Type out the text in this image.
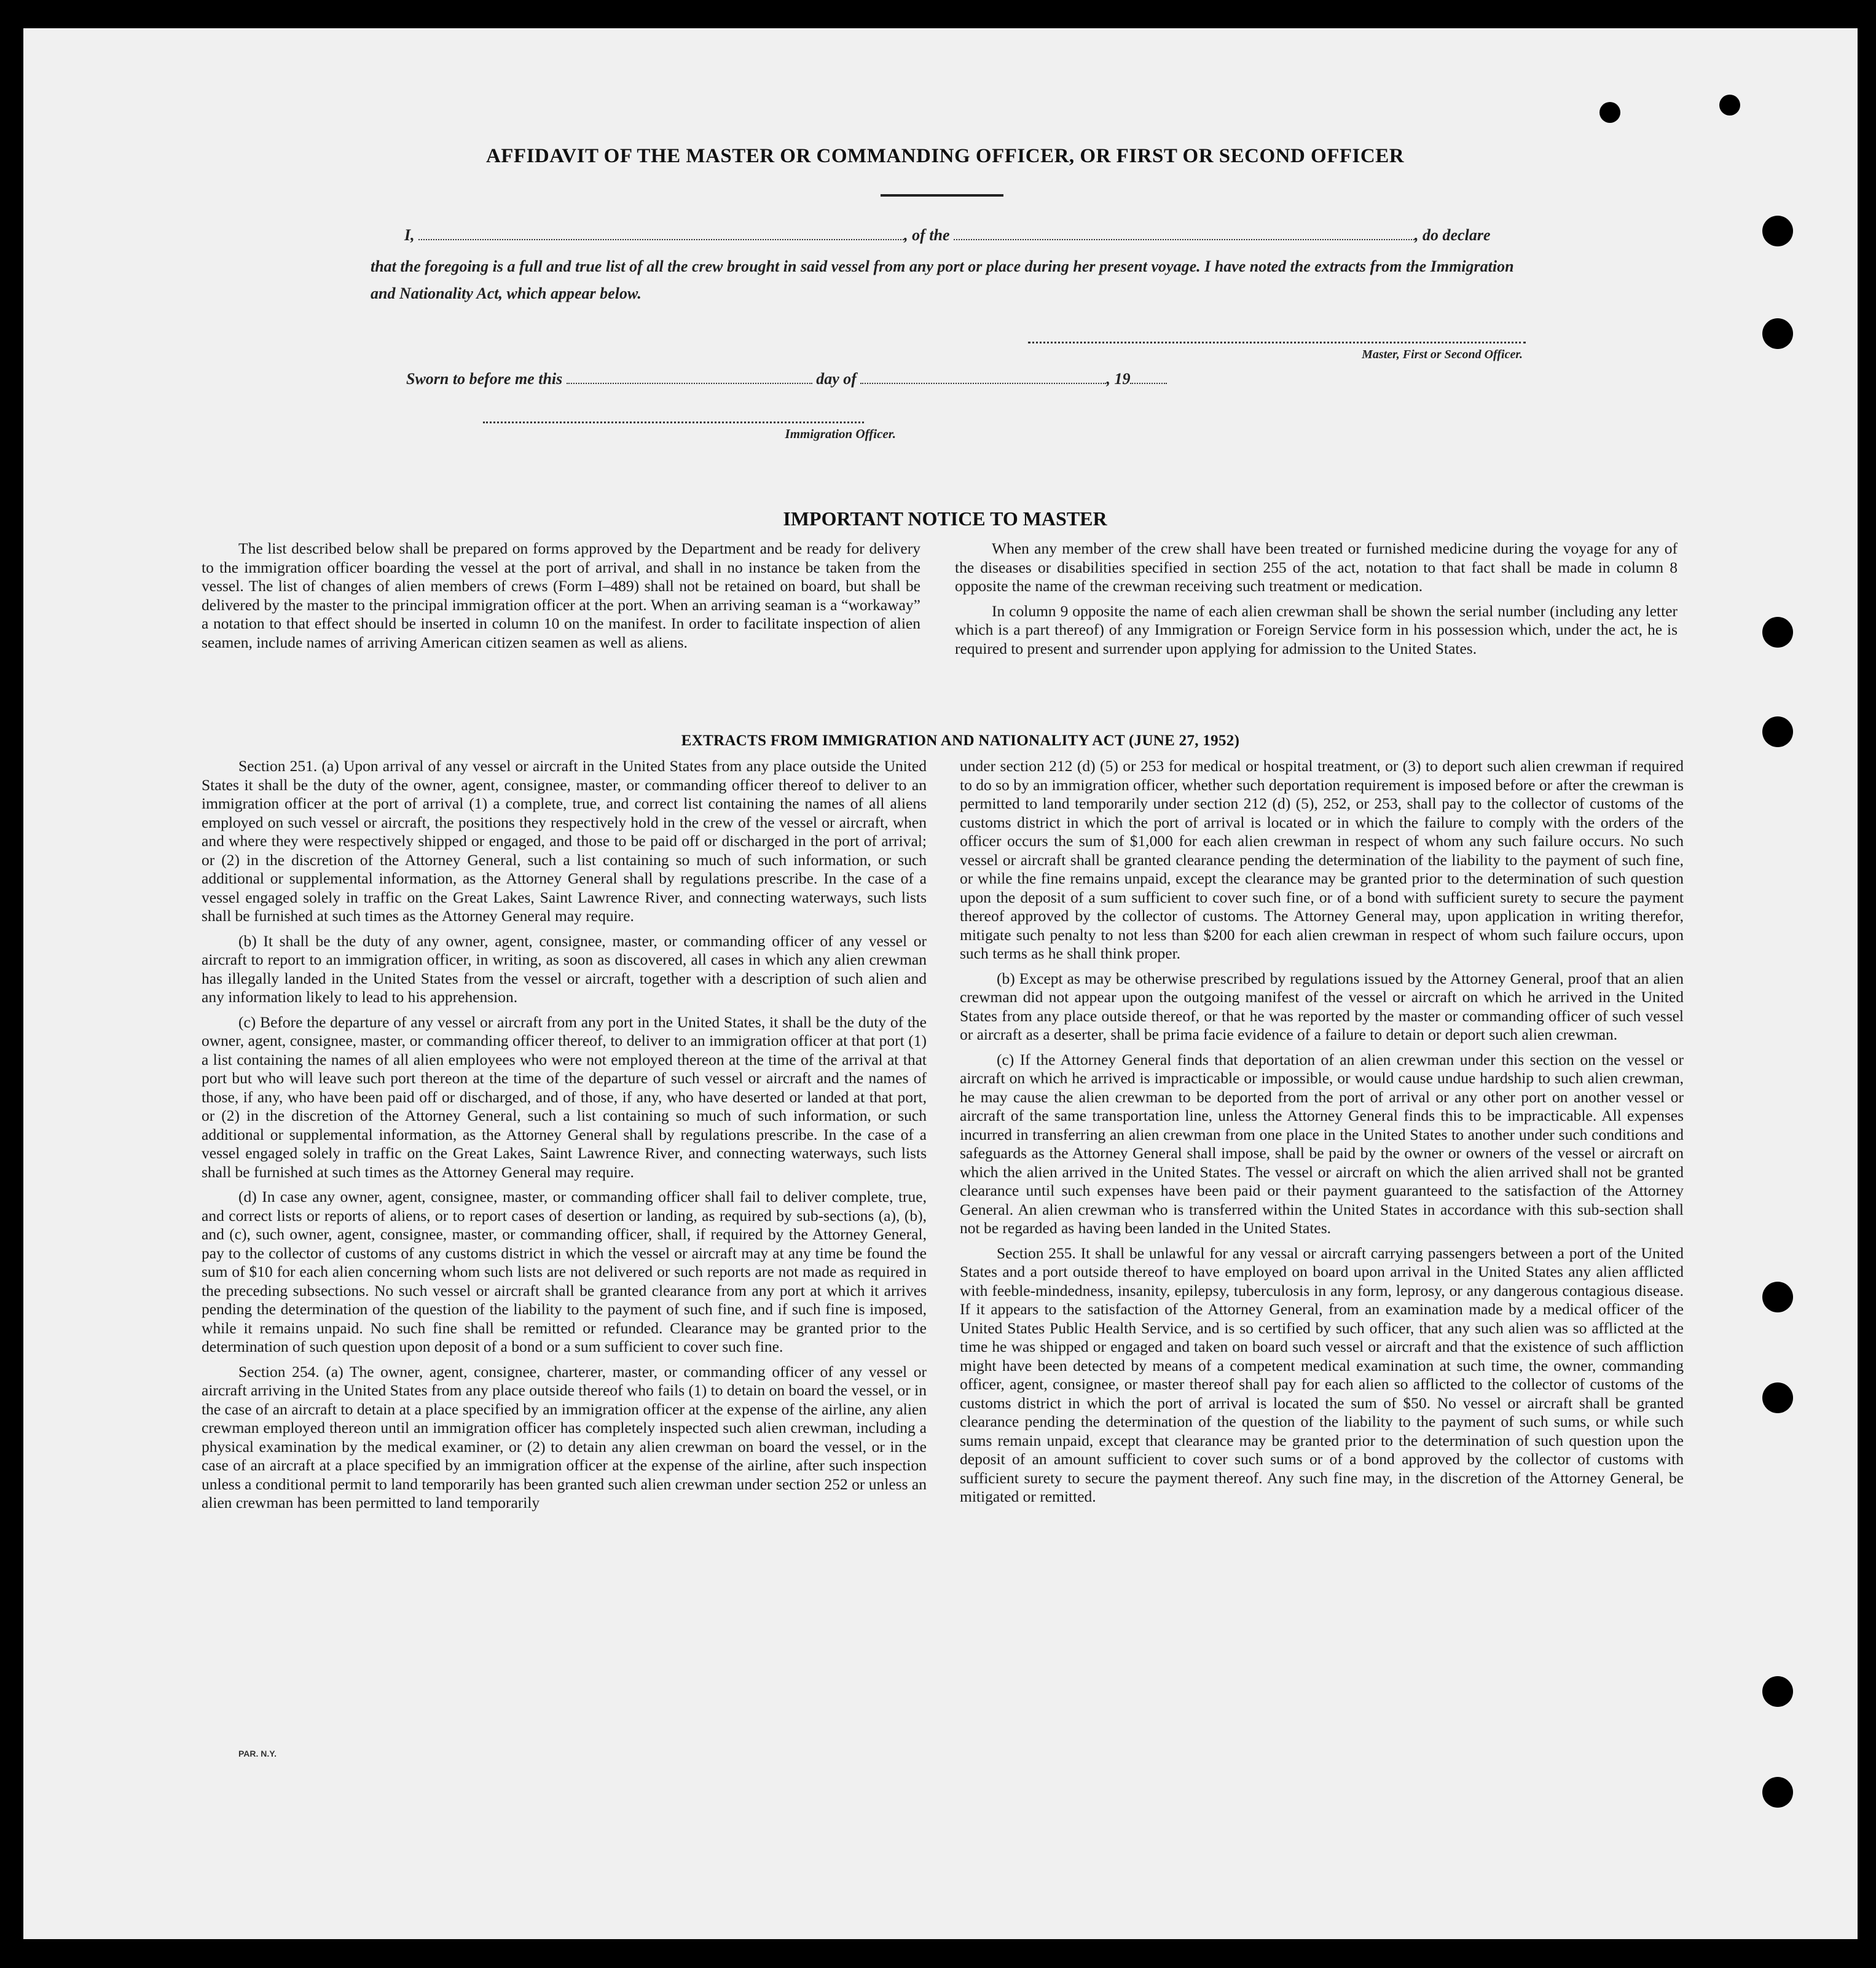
AFFIDAVIT OF THE MASTER OR COMMANDING OFFICER, OR FIRST OR SECOND OFFICER
I,	, of the	, do declare
that the foregoing is a full and true list of all the crew brought in said vessel from any port or place during her present voyage. I have noted the extracts from the Immigration and Nationality Act, which appear below.
Master, First or Second Officer.
Sworn to before me this	day of	, 19
Immigration Officer.
IMPORTANT NOTICE TO MASTER

The list described below shall be prepared on forms approved by the Department and be ready for delivery to the immigration officer boarding the vessel at the port of arrival, and shall in no instance be taken from the vessel. The list of changes of alien members of crews (Form I–489) shall not be retained on board, but shall be delivered by the master to the principal immigration officer at the port. When an arriving seaman is a “workaway” a notation to that effect should be inserted in column 10 on the manifest. In order to facilitate inspection of alien seamen, include names of arriving American citizen seamen as well as aliens.

When any member of the crew shall have been treated or furnished medicine during the voyage for any of the diseases or disabilities specified in section 255 of the act, notation to that fact shall be made in column 8 opposite the name of the crewman receiving such treatment or medication.

In column 9 opposite the name of each alien crewman shall be shown the serial number (including any letter which is a part thereof) of any Immigration or Foreign Service form in his possession which, under the act, he is required to present and surrender upon applying for admission to the United States.

EXTRACTS FROM IMMIGRATION AND NATIONALITY ACT (JUNE 27, 1952)

Section 251. (a) Upon arrival of any vessel or aircraft in the United States from any place outside the United States it shall be the duty of the owner, agent, consignee, master, or commanding officer thereof to deliver to an immigration officer at the port of arrival (1) a complete, true, and correct list containing the names of all aliens employed on such vessel or aircraft, the positions they respectively hold in the crew of the vessel or aircraft, when and where they were respectively shipped or engaged, and those to be paid off or discharged in the port of arrival; or (2) in the discretion of the Attorney General, such a list containing so much of such information, or such additional or supplemental information, as the Attorney General shall by regulations prescribe. In the case of a vessel engaged solely in traffic on the Great Lakes, Saint Lawrence River, and connecting waterways, such lists shall be furnished at such times as the Attorney General may require.

(b) It shall be the duty of any owner, agent, consignee, master, or commanding officer of any vessel or aircraft to report to an immigration officer, in writing, as soon as discovered, all cases in which any alien crewman has illegally landed in the United States from the vessel or aircraft, together with a description of such alien and any information likely to lead to his apprehension.

(c) Before the departure of any vessel or aircraft from any port in the United States, it shall be the duty of the owner, agent, consignee, master, or commanding officer thereof, to deliver to an immigration officer at that port (1) a list containing the names of all alien employees who were not employed thereon at the time of the arrival at that port but who will leave such port thereon at the time of the departure of such vessel or aircraft and the names of those, if any, who have been paid off or discharged, and of those, if any, who have deserted or landed at that port, or (2) in the discretion of the Attorney General, such a list containing so much of such information, or such additional or supplemental information, as the Attorney General shall by regulations prescribe. In the case of a vessel engaged solely in traffic on the Great Lakes, Saint Lawrence River, and connecting waterways, such lists shall be furnished at such times as the Attorney General may require.

(d) In case any owner, agent, consignee, master, or commanding officer shall fail to deliver complete, true, and correct lists or reports of aliens, or to report cases of desertion or landing, as required by sub-sections (a), (b), and (c), such owner, agent, consignee, master, or commanding officer, shall, if required by the Attorney General, pay to the collector of customs of any customs district in which the vessel or aircraft may at any time be found the sum of $10 for each alien concerning whom such lists are not delivered or such reports are not made as required in the preceding subsections. No such vessel or aircraft shall be granted clearance from any port at which it arrives pending the determination of the question of the liability to the payment of such fine, and if such fine is imposed, while it remains unpaid. No such fine shall be remitted or refunded. Clearance may be granted prior to the determination of such question upon deposit of a bond or a sum sufficient to cover such fine.

Section 254. (a) The owner, agent, consignee, charterer, master, or commanding officer of any vessel or aircraft arriving in the United States from any place outside thereof who fails (1) to detain on board the vessel, or in the case of an aircraft to detain at a place specified by an immigration officer at the expense of the airline, any alien crewman employed thereon until an immigration officer has completely inspected such alien crewman, including a physical examination by the medical examiner, or (2) to detain any alien crewman on board the vessel, or in the case of an aircraft at a place specified by an immigration officer at the expense of the airline, after such inspection unless a conditional permit to land temporarily has been granted such alien crewman under section 252 or unless an alien crewman has been permitted to land temporarily

under section 212 (d) (5) or 253 for medical or hospital treatment, or (3) to deport such alien crewman if required to do so by an immigration officer, whether such deportation requirement is imposed before or after the crewman is permitted to land temporarily under section 212 (d) (5), 252, or 253, shall pay to the collector of customs of the customs district in which the port of arrival is located or in which the failure to comply with the orders of the officer occurs the sum of $1,000 for each alien crewman in respect of whom any such failure occurs. No such vessel or aircraft shall be granted clearance pending the determination of the liability to the payment of such fine, or while the fine remains unpaid, except the clearance may be granted prior to the determination of such question upon the deposit of a sum sufficient to cover such fine, or of a bond with sufficient surety to secure the payment thereof approved by the collector of customs. The Attorney General may, upon application in writing therefor, mitigate such penalty to not less than $200 for each alien crewman in respect of whom such failure occurs, upon such terms as he shall think proper.

(b) Except as may be otherwise prescribed by regulations issued by the Attorney General, proof that an alien crewman did not appear upon the outgoing manifest of the vessel or aircraft on which he arrived in the United States from any place outside thereof, or that he was reported by the master or commanding officer of such vessel or aircraft as a deserter, shall be prima facie evidence of a failure to detain or deport such alien crewman.

(c) If the Attorney General finds that deportation of an alien crewman under this section on the vessel or aircraft on which he arrived is impracticable or impossible, or would cause undue hardship to such alien crewman, he may cause the alien crewman to be deported from the port of arrival or any other port on another vessel or aircraft of the same transportation line, unless the Attorney General finds this to be impracticable. All expenses incurred in transferring an alien crewman from one place in the United States to another under such conditions and safeguards as the Attorney General shall impose, shall be paid by the owner or owners of the vessel or aircraft on which the alien arrived in the United States. The vessel or aircraft on which the alien arrived shall not be granted clearance until such expenses have been paid or their payment guaranteed to the satisfaction of the Attorney General. An alien crewman who is transferred within the United States in accordance with this sub-section shall not be regarded as having been landed in the United States.

Section 255. It shall be unlawful for any vessal or aircraft carrying passengers between a port of the United States and a port outside thereof to have employed on board upon arrival in the United States any alien afflicted with feeble-mindedness, insanity, epilepsy, tuberculosis in any form, leprosy, or any dangerous contagious disease. If it appears to the satisfaction of the Attorney General, from an examination made by a medical officer of the United States Public Health Service, and is so certified by such officer, that any such alien was so afflicted at the time he was shipped or engaged and taken on board such vessel or aircraft and that the existence of such affliction might have been detected by means of a competent medical examination at such time, the owner, commanding officer, agent, consignee, or master thereof shall pay for each alien so afflicted to the collector of customs of the customs district in which the port of arrival is located the sum of $50. No vessel or aircraft shall be granted clearance pending the determination of the question of the liability to the payment of such sums, or while such sums remain unpaid, except that clearance may be granted prior to the determination of such question upon the deposit of an amount sufficient to cover such sums or of a bond approved by the collector of customs with sufficient surety to secure the payment thereof. Any such fine may, in the discretion of the Attorney General, be mitigated or remitted.

PAR. N.Y.
